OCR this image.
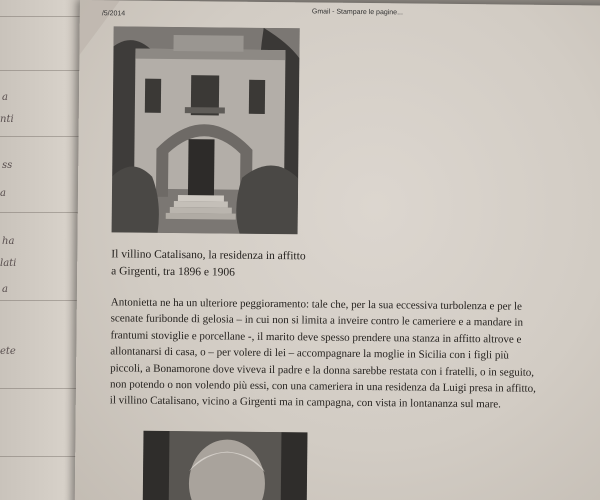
a
nti
ss
a
ha
lati
a
ete
/5/2014	Gmail - Stampare le pagine...
Il villino Catalisano, la residenza in affitto
a Girgenti, tra 1896 e 1906
Antonietta ne ha un ulteriore peggioramento: tale che, per la sua eccessiva turbolenza e per le scenate furibonde di gelosia – in cui non si limita a inveire contro le cameriere e a mandare in frantumi stoviglie e porcellane -, il marito deve spesso prendere una stanza in affitto altrove e allontanarsi di casa, o – per volere di lei – accompagnare la moglie in Sicilia con i figli più piccoli, a Bonamorone dove viveva il padre e la donna sarebbe restata con i fratelli, o in seguito, non potendo o non volendo più essi, con una cameriera in una residenza da Luigi presa in affitto, il villino Catalisano, vicino a Girgenti ma in campagna, con vista in lontananza sul mare.
